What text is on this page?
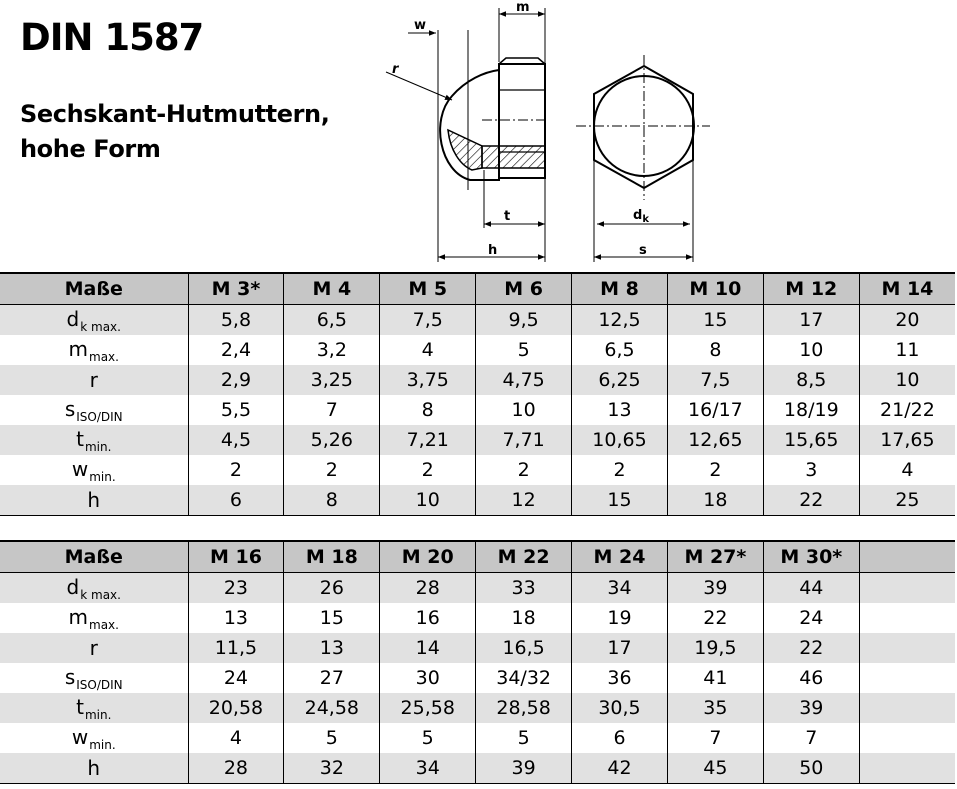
DIN 1587

Sechskant-Hutmuttern, hohe Form

w
m
r
t
h
$d_k$
s
Maße	M 3*	M 4	M 5	M 6	M 8	M 10	M 12	M 14
$d_{k max.}$	5,8	6,5	7,5	9,5	12,5	15	17	20
$m_{max.}$	2,4	3,2	4	5	6,5	8	10	11
r	2,9	3,25	3,75	4,75	6,25	7,5	8,5	10
$s_{ISO/DIN}$	5,5	7	8	10	13	16/17	18/19	21/22
$t_{min.}$	4,5	5,26	7,21	7,71	10,65	12,65	15,65	17,65
$w_{min.}$	2	2	2	2	2	2	3	4
h	6	8	10	12	15	18	22	25
Maße	M 16	M 18	M 20	M 22	M 24	M 27*	M 30*	
$d_{k max.}$	23	26	28	33	34	39	44	
$m_{max.}$	13	15	16	18	19	22	24	
r	11,5	13	14	16,5	17	19,5	22	
$s_{ISO/DIN}$	24	27	30	34/32	36	41	46	
$t_{min.}$	20,58	24,58	25,58	28,58	30,5	35	39	
$w_{min.}$	4	5	5	5	6	7	7	
h	28	32	34	39	42	45	50	
